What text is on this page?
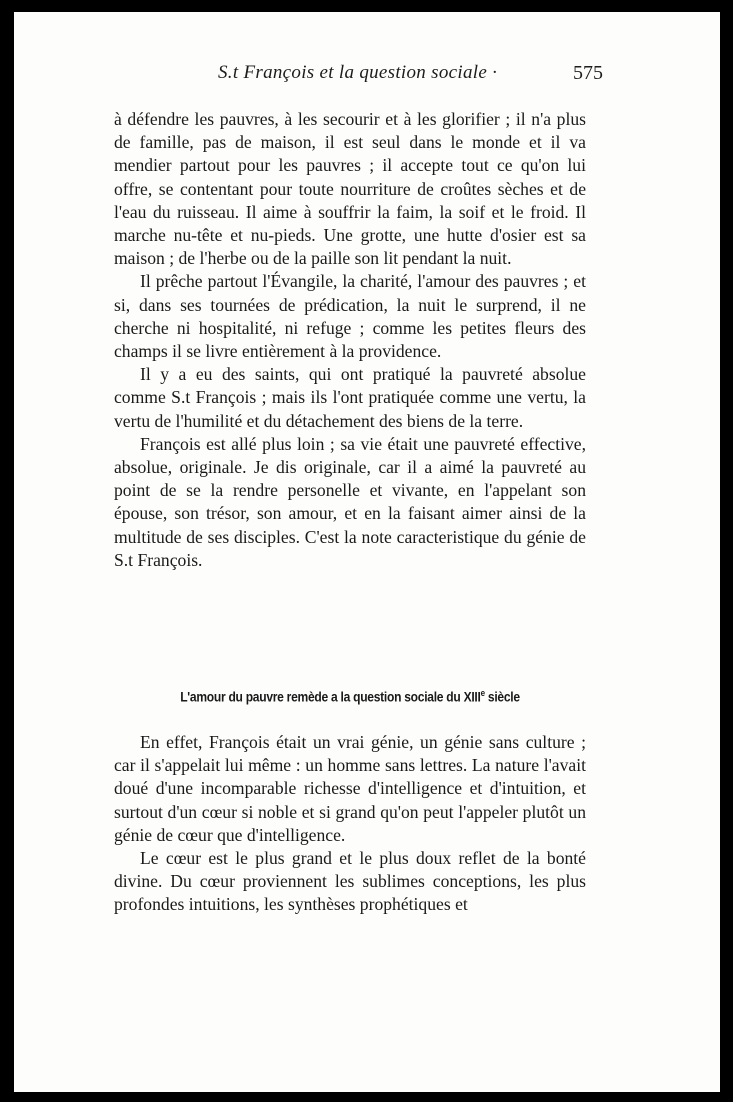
S.t François et la question sociale ·	575

à défendre les pauvres, à les secourir et à les glorifier ; il n'a plus de famille, pas de maison, il est seul dans le monde et il va mendier partout pour les pauvres ; il accepte tout ce qu'on lui offre, se contentant pour toute nourriture de croûtes sèches et de l'eau du ruisseau. Il aime à souffrir la faim, la soif et le froid. Il marche nu-tête et nu-pieds. Une grotte, une hutte d'osier est sa maison ; de l'herbe ou de la paille son lit pendant la nuit.

Il prêche partout l'Évangile, la charité, l'amour des pauvres ; et si, dans ses tournées de prédication, la nuit le surprend, il ne cherche ni hospitalité, ni refuge ; comme les petites fleurs des champs il se livre entièrement à la providence.

Il y a eu des saints, qui ont pratiqué la pauvreté absolue comme S.t François ; mais ils l'ont pratiquée comme une vertu, la vertu de l'humilité et du détachement des biens de la terre.

François est allé plus loin ; sa vie était une pauvreté effective, absolue, originale. Je dis originale, car il a aimé la pauvreté au point de se la rendre personelle et vivante, en l'appelant son épouse, son trésor, son amour, et en la faisant aimer ainsi de la multitude de ses disciples. C'est la note caracteristique du génie de S.t François.

L'amour du pauvre remède a la question sociale du XIIIe siècle

En effet, François était un vrai génie, un génie sans culture ; car il s'appelait lui même : un homme sans lettres. La nature l'avait doué d'une incomparable richesse d'intelligence et d'intuition, et surtout d'un cœur si noble et si grand qu'on peut l'appeler plutôt un génie de cœur que d'intelligence.

Le cœur est le plus grand et le plus doux reflet de la bonté divine. Du cœur proviennent les sublimes conceptions, les plus profondes intuitions, les synthèses prophétiques et
